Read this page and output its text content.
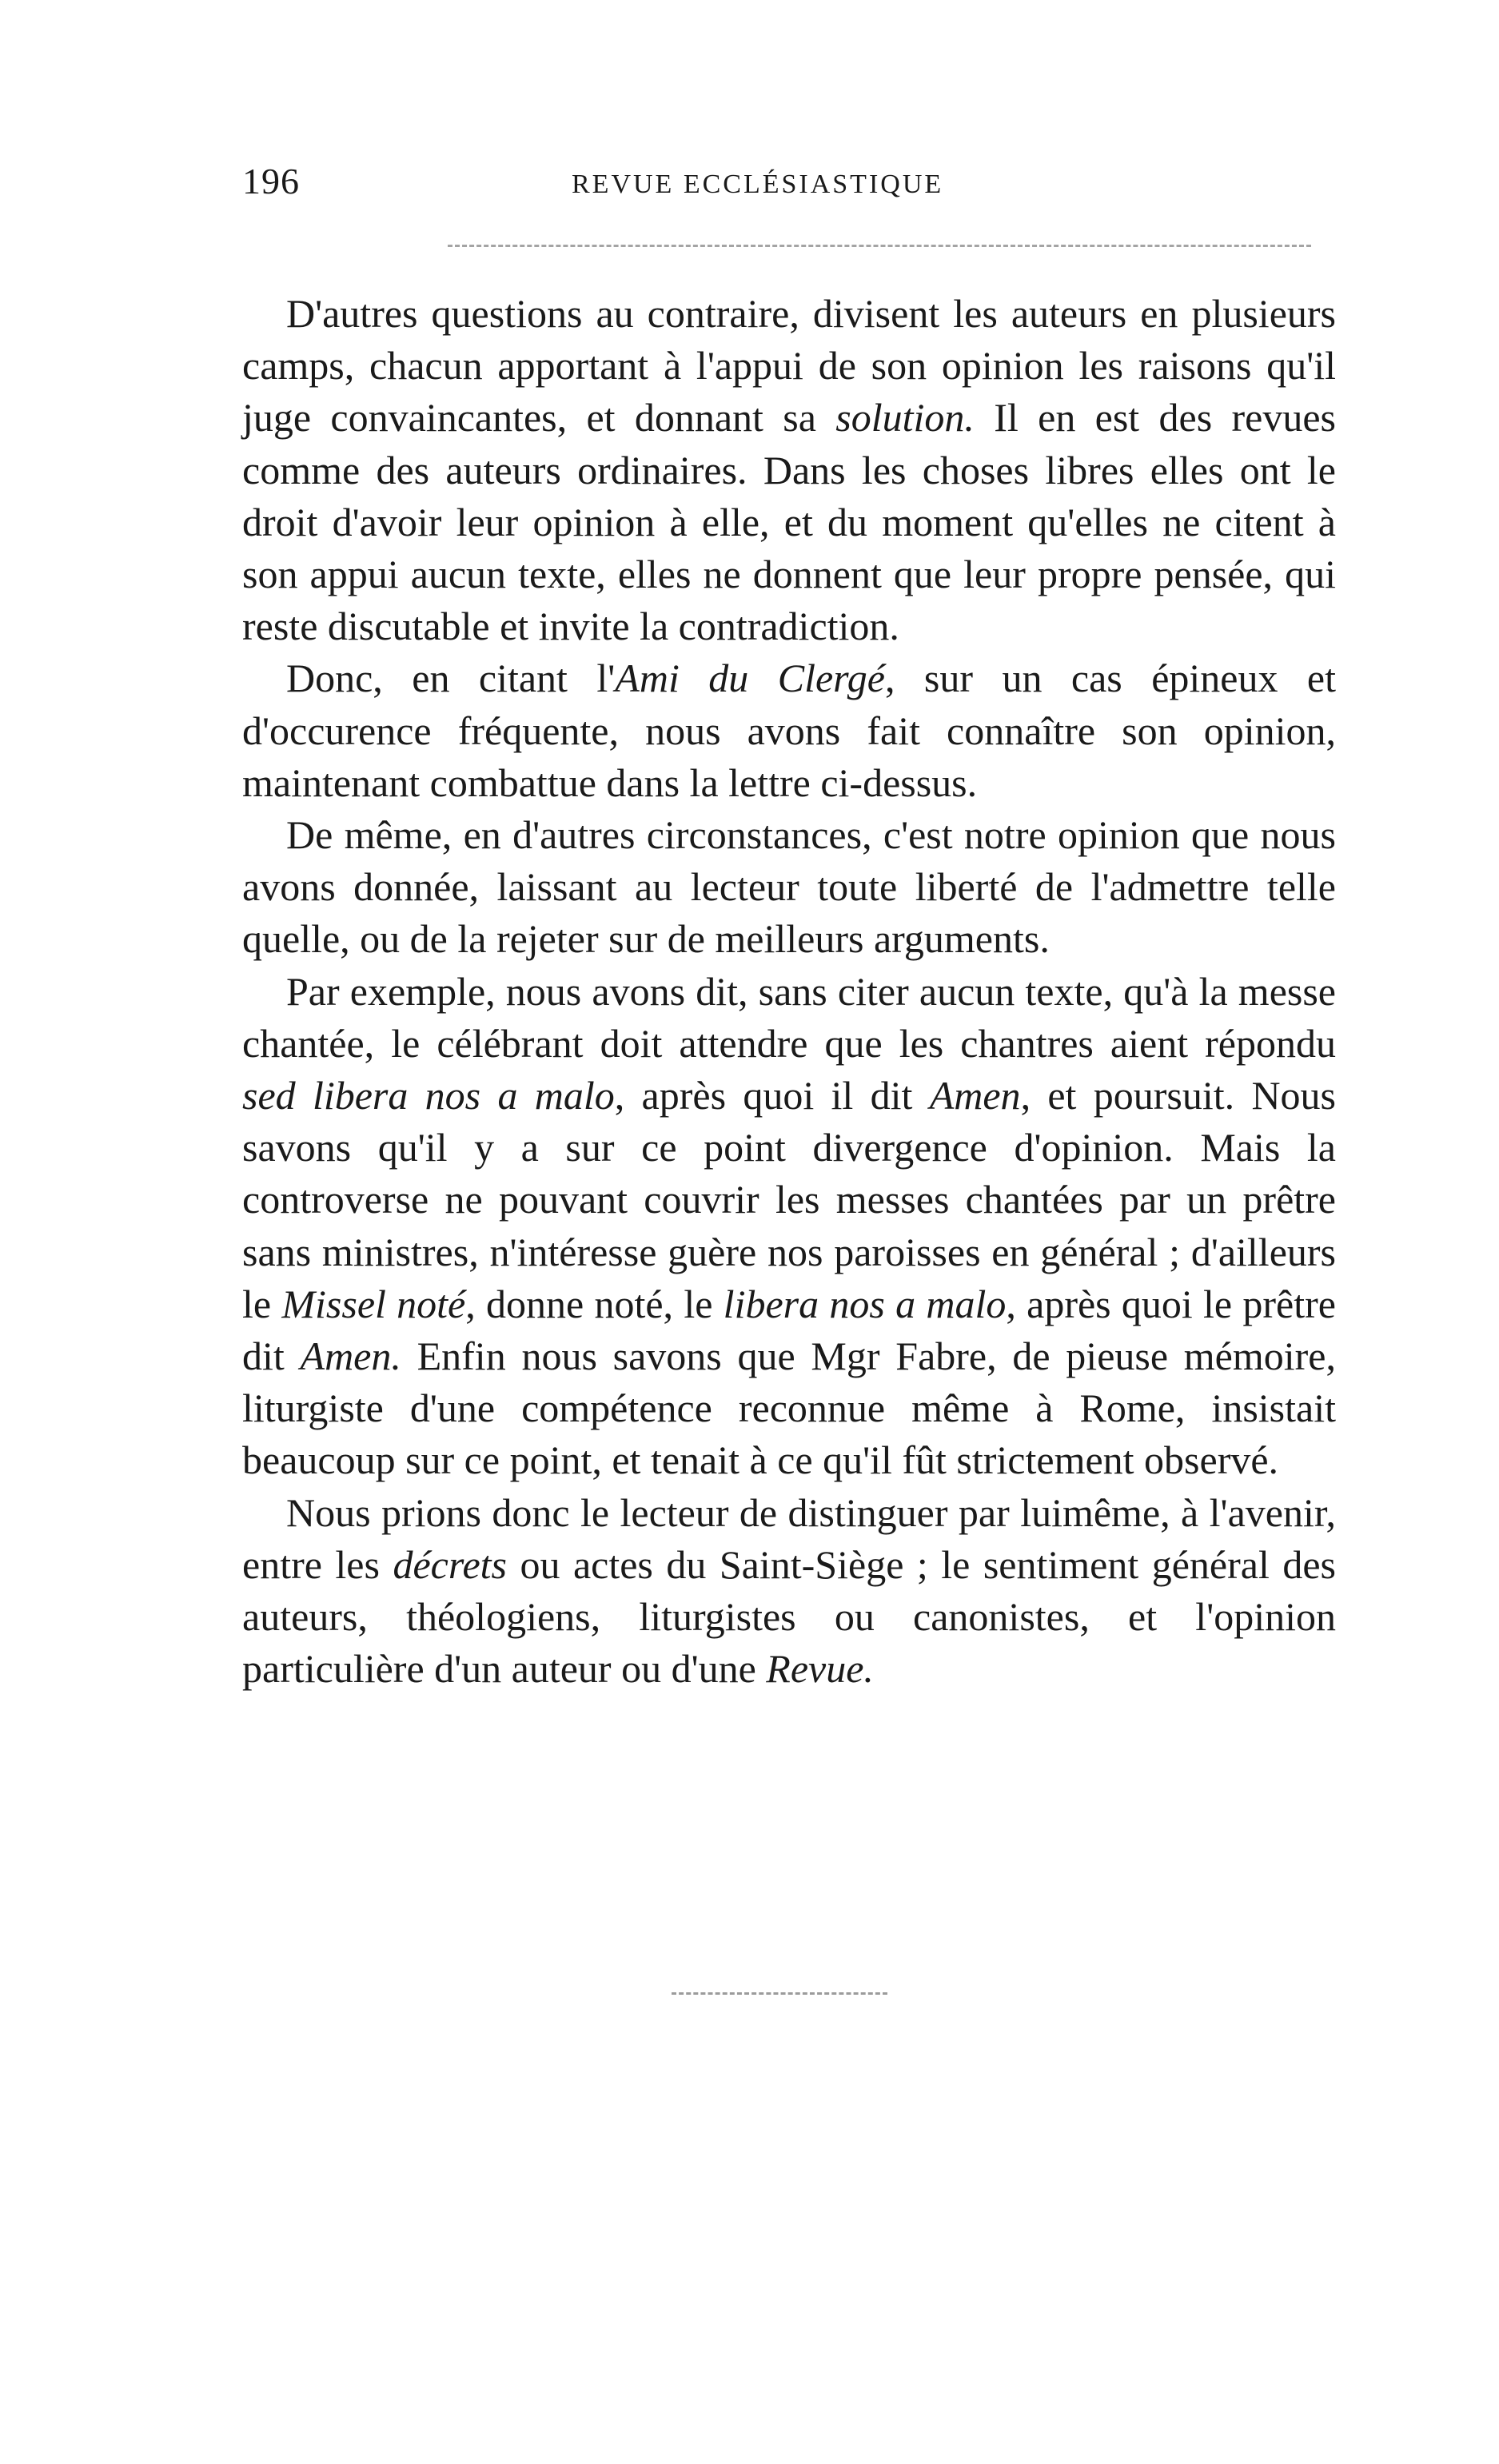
196	REVUE ECCLÉSIASTIQUE

D'autres questions au contraire, divisent les auteurs en plusieurs camps, chacun apportant à l'appui de son opinion les raisons qu'il juge convaincantes, et donnant sa solution. Il en est des revues comme des auteurs ordinaires. Dans les choses libres elles ont le droit d'avoir leur opinion à elle, et du moment qu'elles ne citent à son appui aucun texte, elles ne donnent que leur propre pensée, qui reste discutable et invite la contradiction.

Donc, en citant l'Ami du Clergé, sur un cas épineux et d'occurence fréquente, nous avons fait connaître son opinion, maintenant combattue dans la lettre ci-dessus.

De même, en d'autres circonstances, c'est notre opinion que nous avons donnée, laissant au lecteur toute liberté de l'admettre telle quelle, ou de la rejeter sur de meilleurs arguments.

Par exemple, nous avons dit, sans citer aucun texte, qu'à la messe chantée, le célébrant doit attendre que les chantres aient répondu sed libera nos a malo, après quoi il dit Amen, et poursuit. Nous savons qu'il y a sur ce point divergence d'opinion. Mais la controverse ne pouvant couvrir les messes chantées par un prêtre sans ministres, n'intéresse guère nos paroisses en général ; d'ailleurs le Missel noté, donne noté, le libera nos a malo, après quoi le prêtre dit Amen. Enfin nous savons que Mgr Fabre, de pieuse mémoire, liturgiste d'une compétence reconnue même à Rome, insistait beaucoup sur ce point, et tenait à ce qu'il fût strictement observé.

Nous prions donc le lecteur de distinguer par luimême, à l'avenir, entre les décrets ou actes du Saint-Siège ; le sentiment général des auteurs, théologiens, liturgistes ou canonistes, et l'opinion particulière d'un auteur ou d'une Revue.
